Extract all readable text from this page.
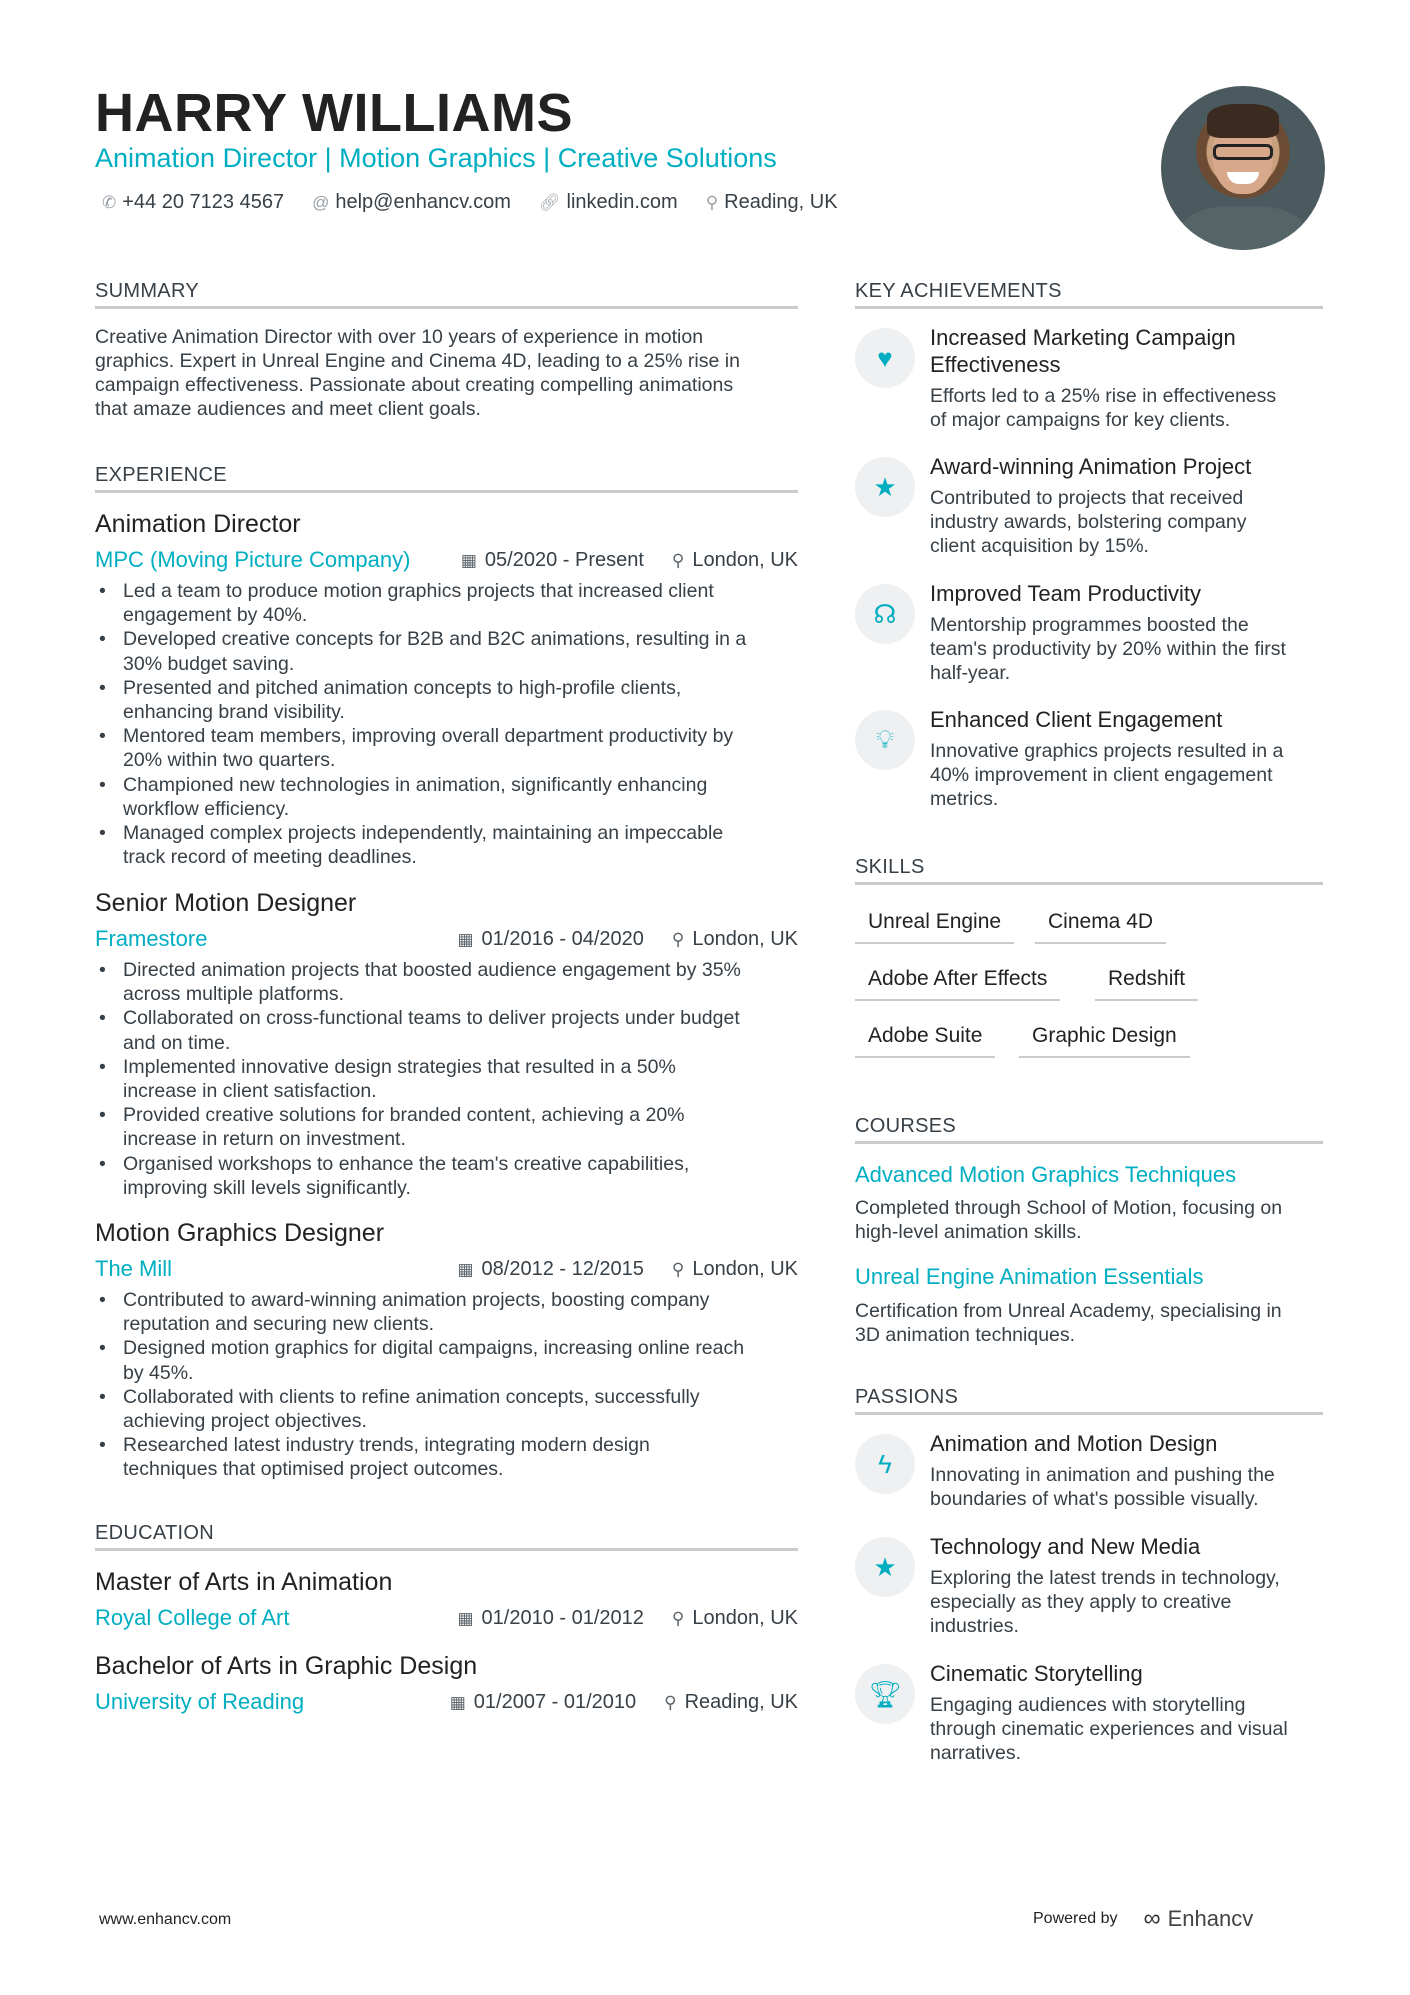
HARRY WILLIAMS
Animation Director | Motion Graphics | Creative Solutions
✆ +44 20 7123 4567 @ help@enhancv.com 🔗︎ linkedin.com ⚲ Reading, UK
SUMMARY
Creative Animation Director with over 10 years of experience in motion
graphics. Expert in Unreal Engine and Cinema 4D, leading to a 25% rise in
campaign effectiveness. Passionate about creating compelling animations
that amaze audiences and meet client goals.
EXPERIENCE
Animation Director
MPC (Moving Picture Company)	▦ 05/2020 - Present ⚲ London, UK
• Led a team to produce motion graphics projects that increased client
engagement by 40%.
• Developed creative concepts for B2B and B2C animations, resulting in a
30% budget saving.
• Presented and pitched animation concepts to high-profile clients,
enhancing brand visibility.
• Mentored team members, improving overall department productivity by
20% within two quarters.
• Championed new technologies in animation, significantly enhancing
workflow efficiency.
• Managed complex projects independently, maintaining an impeccable
track record of meeting deadlines.
Senior Motion Designer
Framestore	▦ 01/2016 - 04/2020 ⚲ London, UK
• Directed animation projects that boosted audience engagement by 35%
across multiple platforms.
• Collaborated on cross-functional teams to deliver projects under budget
and on time.
• Implemented innovative design strategies that resulted in a 50%
increase in client satisfaction.
• Provided creative solutions for branded content, achieving a 20%
increase in return on investment.
• Organised workshops to enhance the team's creative capabilities,
improving skill levels significantly.
Motion Graphics Designer
The Mill	▦ 08/2012 - 12/2015 ⚲ London, UK
• Contributed to award-winning animation projects, boosting company
reputation and securing new clients.
• Designed motion graphics for digital campaigns, increasing online reach
by 45%.
• Collaborated with clients to refine animation concepts, successfully
achieving project objectives.
• Researched latest industry trends, integrating modern design
techniques that optimised project outcomes.
EDUCATION
Master of Arts in Animation
Royal College of Art	▦ 01/2010 - 01/2012 ⚲ London, UK
Bachelor of Arts in Graphic Design
University of Reading	▦ 01/2007 - 01/2010 ⚲ Reading, UK
KEY ACHIEVEMENTS
♥
Increased Marketing Campaign
Effectiveness
Efforts led to a 25% rise in effectiveness
of major campaigns for key clients.
★
Award-winning Animation Project
Contributed to projects that received
industry awards, bolstering company
client acquisition by 15%.
☊
Improved Team Productivity
Mentorship programmes boosted the
team's productivity by 20% within the first
half-year.
💡︎
Enhanced Client Engagement
Innovative graphics projects resulted in a
40% improvement in client engagement
metrics.
SKILLS
Unreal Engine	Cinema 4D
Adobe After Effects	Redshift
Adobe Suite	Graphic Design
COURSES
Advanced Motion Graphics Techniques
Completed through School of Motion, focusing on
high-level animation skills.
Unreal Engine Animation Essentials
Certification from Unreal Academy, specialising in
3D animation techniques.
PASSIONS
ϟ
Animation and Motion Design
Innovating in animation and pushing the
boundaries of what's possible visually.
★
Technology and New Media
Exploring the latest trends in technology,
especially as they apply to creative
industries.
🏆︎
Cinematic Storytelling
Engaging audiences with storytelling
through cinematic experiences and visual
narratives.
www.enhancv.com	Powered by ∞ Enhancv
